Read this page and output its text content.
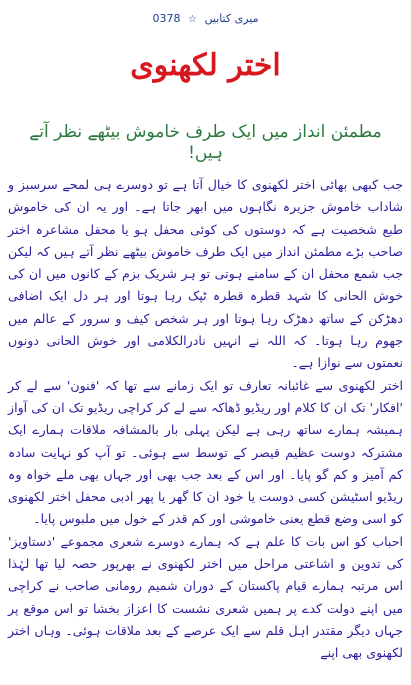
میری کتابیں ☆ 0378
اختر لکھنوی
مطمئن انداز میں ایک طرف خاموش بیٹھے نظر آتے ہیں!

جب کبھی بھائی اختر لکھنوی کا خیال آتا ہے تو دوسرے ہی لمحے سرسبز و شاداب خاموش جزیرہ نگاہوں میں ابھر جاتا ہے۔ اور یہ ان کی خاموش طبع شخصیت ہے کہ دوستوں کی کوئی محفل ہو یا محفل مشاعرہ اختر صاحب بڑے مطمئن انداز میں ایک طرف خاموش بیٹھے نظر آتے ہیں کہ لیکن جب شمع محفل ان کے سامنے ہوتی تو ہر شریک بزم کے کانوں میں ان کی خوش الحانی کا شہد قطرہ قطرہ ٹپک رہا ہوتا اور ہر دل ایک اضافی دھڑکن کے ساتھ دھڑک رہا ہوتا اور ہر شخص کیف و سرور کے عالم میں جھوم رہا ہوتا۔ کہ اللہ نے انہیں نادرالکلامی اور خوش الحانی دونوں نعمتوں سے نوازا ہے۔

اختر لکھنوی سے غائبانہ تعارف تو ایک زمانے سے تھا کہ 'فنون' سے لے کر 'افکار' تک ان کا کلام اور ریڈیو ڈھاکہ سے لے کر کراچی ریڈیو تک ان کی آواز ہمیشہ ہمارے ساتھ رہی ہے لیکن پہلی بار بالمشافہ ملاقات ہمارے ایک مشترکہ دوست عظیم قیصر کے توسط سے ہوئی۔ تو آپ کو نہایت سادہ کم آمیز و کم گو پایا۔ اور اس کے بعد جب بھی اور جہاں بھی ملے خواہ وہ ریڈیو اسٹیشن کسی دوست یا خود ان کا گھر یا پھر ادبی محفل اختر لکھنوی کو اسی وضع قطع یعنی خاموشی اور کم قدر کے خول میں ملبوس پایا۔

احباب کو اس بات کا علم ہے کہ ہمارے دوسرے شعری مجموعے 'دستاویز' کی تدوین و اشاعتی مراحل میں اختر لکھنوی نے بھرپور حصہ لیا تھا لہٰذا اس مرتبہ ہمارے قیام پاکستان کے دوران شمیم رومانی صاحب نے کراچی میں اپنے دولت کدے پر ہمیں شعری نشست کا اعزاز بخشا تو اس موقع پر جہاں دیگر مقتدر اہل قلم سے ایک عرصے کے بعد ملاقات ہوئی۔ وہاں اختر لکھنوی بھی اپنے
